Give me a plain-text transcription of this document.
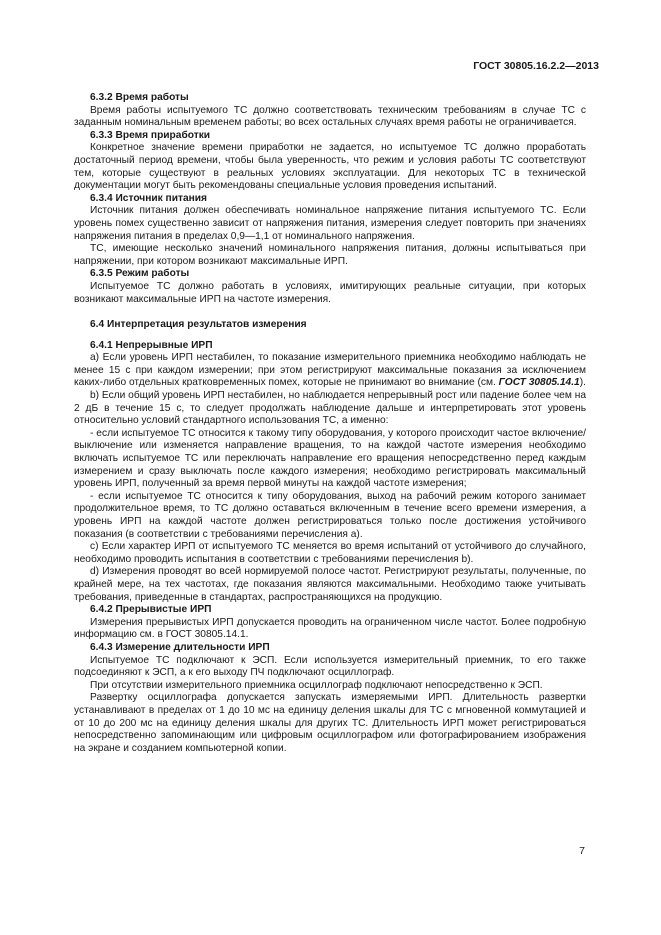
ГОСТ 30805.16.2.2—2013

6.3.2 Время работы

Время работы испытуемого ТС должно соответствовать техническим требованиям в случае ТС с заданным номинальным временем работы; во всех остальных случаях время работы не ограничивается.

6.3.3 Время приработки

Конкретное значение времени приработки не задается, но испытуемое ТС должно проработать достаточный период времени, чтобы была уверенность, что режим и условия работы ТС соответствуют тем, которые существуют в реальных условиях эксплуатации. Для некоторых ТС в технической документации могут быть рекомендованы специальные условия проведения испытаний.

6.3.4 Источник питания

Источник питания должен обеспечивать номинальное напряжение питания испытуемого ТС. Если уровень помех существенно зависит от напряжения питания, измерения следует повторить при значениях напряжения питания в пределах 0,9—1,1 от номинального напряжения.

ТС, имеющие несколько значений номинального напряжения питания, должны испытываться при напряжении, при котором возникают максимальные ИРП.

6.3.5 Режим работы

Испытуемое ТС должно работать в условиях, имитирующих реальные ситуации, при которых возникают максимальные ИРП на частоте измерения.

6.4 Интерпретация результатов измерения

6.4.1 Непрерывные ИРП

а) Если уровень ИРП нестабилен, то показание измерительного приемника необходимо наблюдать не менее 15 с при каждом измерении; при этом регистрируют максимальные показания за исключением каких-либо отдельных кратковременных помех, которые не принимают во внимание (см. ГОСТ 30805.14.1).

b) Если общий уровень ИРП нестабилен, но наблюдается непрерывный рост или падение более чем на 2 дБ в течение 15 с, то следует продолжать наблюдение дальше и интерпретировать этот уровень относительно условий стандартного использования ТС, а именно:

- если испытуемое ТС относится к такому типу оборудования, у которого происходит частое включение/выключение или изменяется направление вращения, то на каждой частоте измерения необходимо включать испытуемое ТС или переключать направление его вращения непосредственно перед каждым измерением и сразу выключать после каждого измерения; необходимо регистрировать максимальный уровень ИРП, полученный за время первой минуты на каждой частоте измерения;

- если испытуемое ТС относится к типу оборудования, выход на рабочий режим которого занимает продолжительное время, то ТС должно оставаться включенным в течение всего времени измерения, а уровень ИРП на каждой частоте должен регистрироваться только после достижения устойчивого показания (в соответствии с требованиями перечисления а).

с) Если характер ИРП от испытуемого ТС меняется во время испытаний от устойчивого до случайного, необходимо проводить испытания в соответствии с требованиями перечисления b).

d) Измерения проводят во всей нормируемой полосе частот. Регистрируют результаты, полученные, по крайней мере, на тех частотах, где показания являются максимальными. Необходимо также учитывать требования, приведенные в стандартах, распространяющихся на продукцию.

6.4.2 Прерывистые ИРП

Измерения прерывистых ИРП допускается проводить на ограниченном числе частот. Более подробную информацию см. в ГОСТ 30805.14.1.

6.4.3 Измерение длительности ИРП

Испытуемое ТС подключают к ЭСП. Если используется измерительный приемник, то его также подсоединяют к ЭСП, а к его выходу ПЧ подключают осциллограф.

При отсутствии измерительного приемника осциллограф подключают непосредственно к ЭСП.

Развертку осциллографа допускается запускать измеряемыми ИРП. Длительность развертки устанавливают в пределах от 1 до 10 мс на единицу деления шкалы для ТС с мгновенной коммутацией и от 10 до 200 мс на единицу деления шкалы для других ТС. Длительность ИРП может регистрироваться непосредственно запоминающим или цифровым осциллографом или фотографированием изображения на экране и созданием компьютерной копии.

7
